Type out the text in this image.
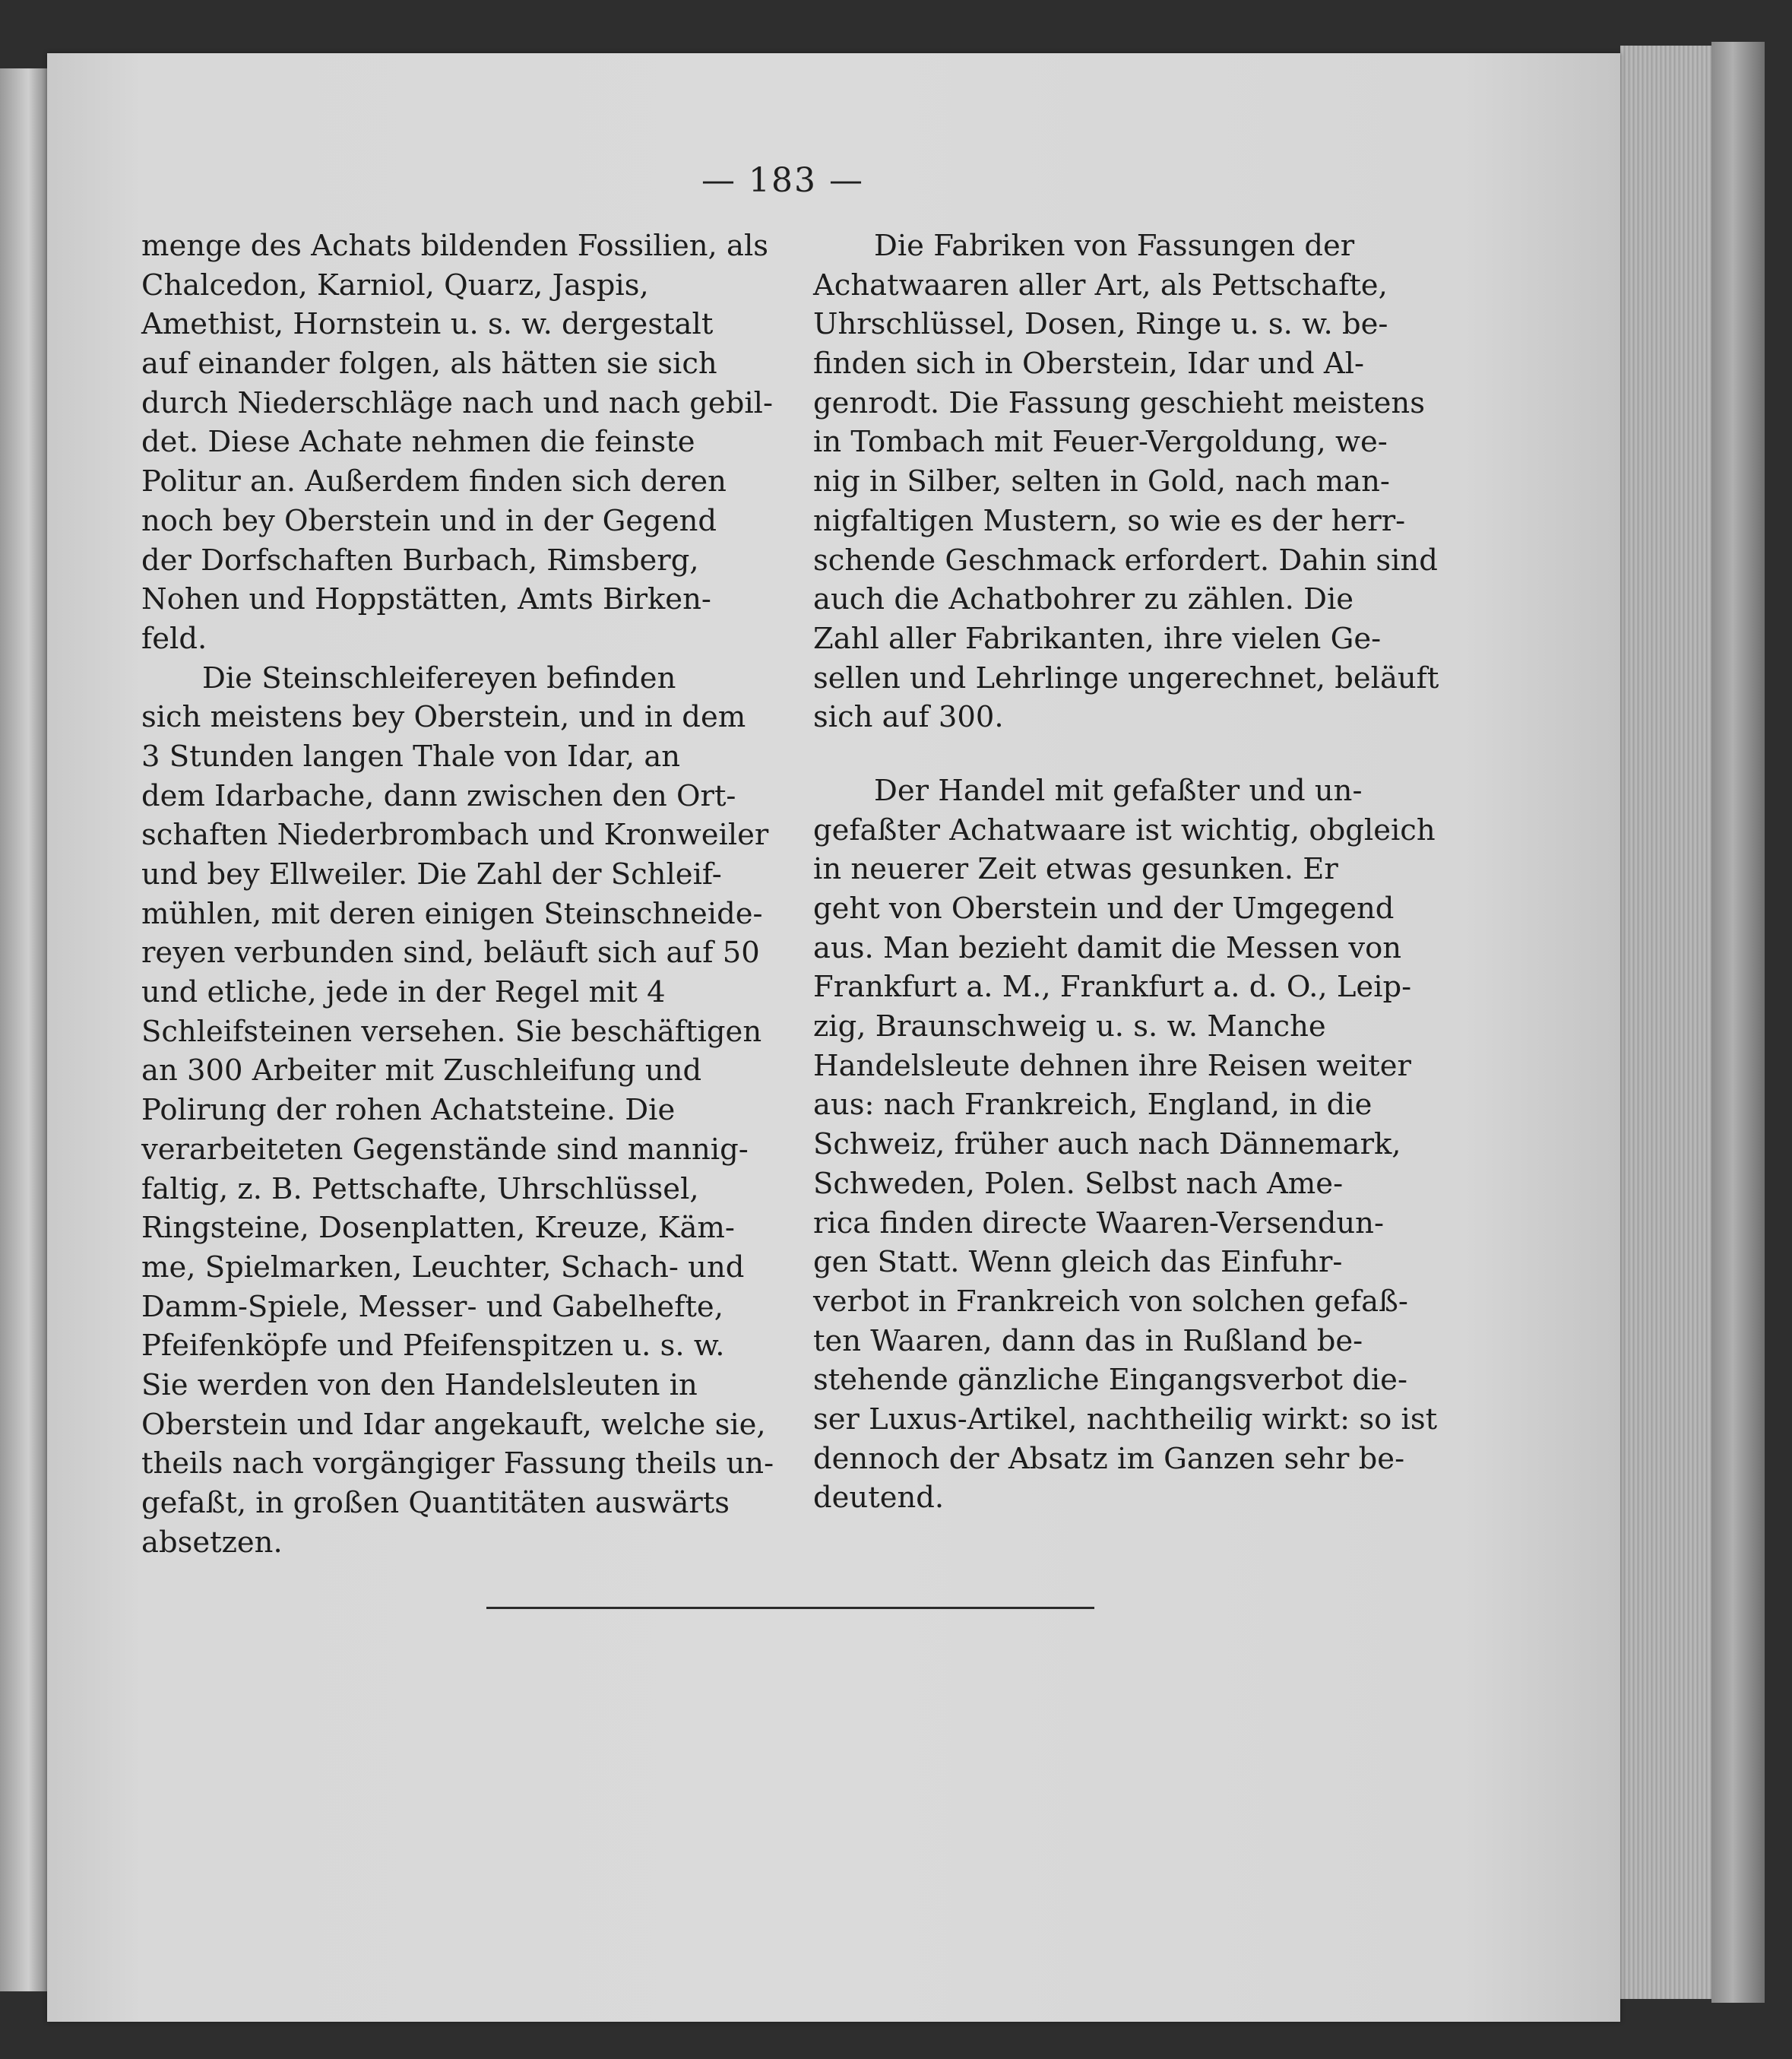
— 183 —
menge des Achats bildenden Fossilien, als
Chalcedon, Karniol, Quarz, Jaspis,
Amethist, Hornstein u. s. w. dergestalt
auf einander folgen, als hätten sie sich
durch Niederschläge nach und nach gebil-
det. Diese Achate nehmen die feinste
Politur an. Außerdem finden sich deren
noch bey Oberstein und in der Gegend
der Dorfschaften Burbach, Rimsberg,
Nohen und Hoppstätten, Amts Birken-
feld.
Die Steinschleifereyen befinden
sich meistens bey Oberstein, und in dem
3 Stunden langen Thale von Idar, an
dem Idarbache, dann zwischen den Ort-
schaften Niederbrombach und Kronweiler
und bey Ellweiler. Die Zahl der Schleif-
mühlen, mit deren einigen Steinschneide-
reyen verbunden sind, beläuft sich auf 50
und etliche, jede in der Regel mit 4
Schleifsteinen versehen. Sie beschäftigen
an 300 Arbeiter mit Zuschleifung und
Polirung der rohen Achatsteine. Die
verarbeiteten Gegenstände sind mannig-
faltig, z. B. Pettschafte, Uhrschlüssel,
Ringsteine, Dosenplatten, Kreuze, Käm-
me, Spielmarken, Leuchter, Schach- und
Damm-Spiele, Messer- und Gabelhefte,
Pfeifenköpfe und Pfeifenspitzen u. s. w.
Sie werden von den Handelsleuten in
Oberstein und Idar angekauft, welche sie,
theils nach vorgängiger Fassung theils un-
gefaßt, in großen Quantitäten auswärts
absetzen.
Die Fabriken von Fassungen der
Achatwaaren aller Art, als Pettschafte,
Uhrschlüssel, Dosen, Ringe u. s. w. be-
finden sich in Oberstein, Idar und Al-
genrodt. Die Fassung geschieht meistens
in Tombach mit Feuer-Vergoldung, we-
nig in Silber, selten in Gold, nach man-
nigfaltigen Mustern, so wie es der herr-
schende Geschmack erfordert. Dahin sind
auch die Achatbohrer zu zählen. Die
Zahl aller Fabrikanten, ihre vielen Ge-
sellen und Lehrlinge ungerechnet, beläuft
sich auf 300.
Der Handel mit gefaßter und un-
gefaßter Achatwaare ist wichtig, obgleich
in neuerer Zeit etwas gesunken. Er
geht von Oberstein und der Umgegend
aus. Man bezieht damit die Messen von
Frankfurt a. M., Frankfurt a. d. O., Leip-
zig, Braunschweig u. s. w. Manche
Handelsleute dehnen ihre Reisen weiter
aus: nach Frankreich, England, in die
Schweiz, früher auch nach Dännemark,
Schweden, Polen. Selbst nach Ame-
rica finden directe Waaren-Versendun-
gen Statt. Wenn gleich das Einfuhr-
verbot in Frankreich von solchen gefaß-
ten Waaren, dann das in Rußland be-
stehende gänzliche Eingangsverbot die-
ser Luxus-Artikel, nachtheilig wirkt: so ist
dennoch der Absatz im Ganzen sehr be-
deutend.
